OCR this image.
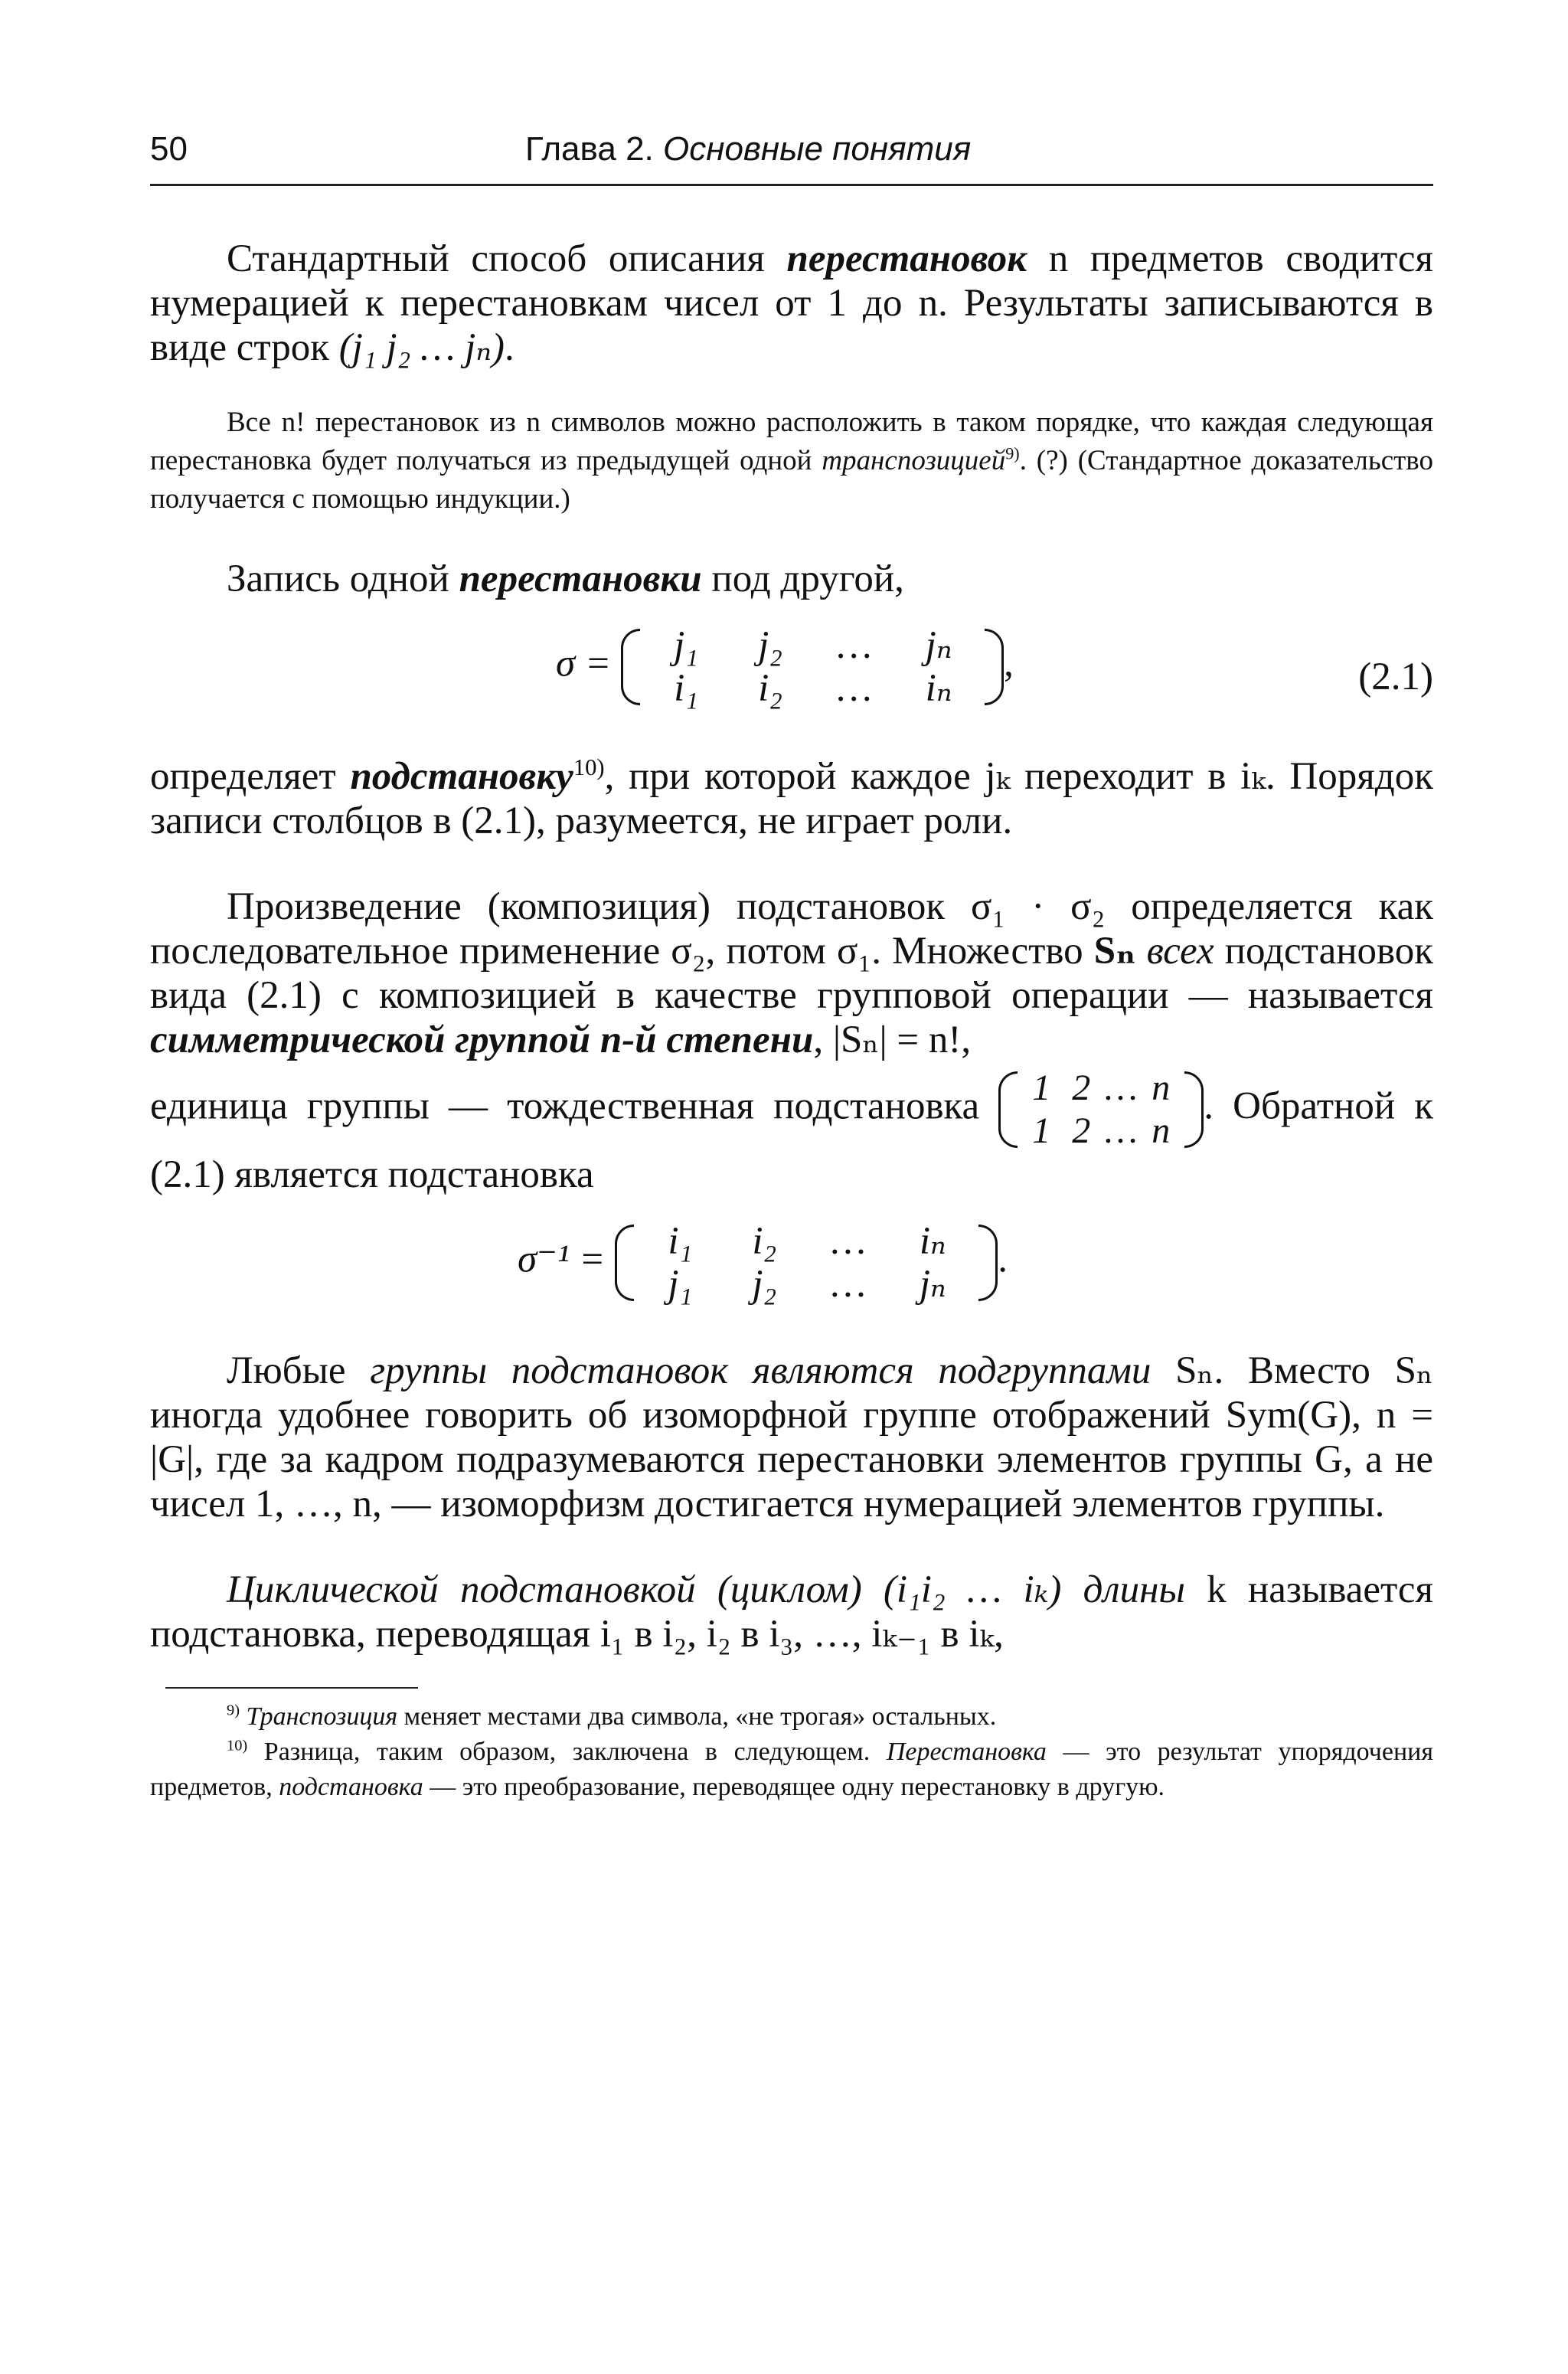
50	Глава 2. Основные понятия

Стандартный способ описания перестановок n предметов сводится нумерацией к перестановкам чисел от 1 до n. Результаты записываются в виде строк (j₁ j₂ … jₙ).

Все n! перестановок из n символов можно расположить в таком порядке, что каждая следующая перестановка будет получаться из предыдущей одной транспозицией$^{9)}$. (?) (Стандартное доказательство получается с помощью индукции.)

Запись одной перестановки под другой,

σ =	j₁ j₂ … jₙ
i₁ i₂ … iₙ
,	(2.1)

определяет подстановку$^{10)}$, при которой каждое jₖ переходит в iₖ. Порядок записи столбцов в (2.1), разумеется, не играет роли.

Произведение (композиция) подстановок σ₁ · σ₂ определяется как последовательное применение σ₂, потом σ₁. Множество Sₙ всех подстановок вида (2.1) с композицией в качестве групповой операции — называется симметрической группой n-й степени, |Sₙ| = n!,

единица группы — тождественная подстановка 1 2 … n
1 2 … n
. Обратной к (2.1) является подстановка

σ⁻¹ =	i₁ i₂ … iₙ
j₁ j₂ … jₙ
.

Любые группы подстановок являются подгруппами Sₙ. Вместо Sₙ иногда удобнее говорить об изоморфной группе отображений Sym(G), n = |G|, где за кадром подразумеваются перестановки элементов группы G, а не чисел 1, …, n, — изоморфизм достигается нумерацией элементов группы.

Циклической подстановкой (циклом) (i₁i₂ … iₖ) длины k называется подстановка, переводящая i₁ в i₂, i₂ в i₃, …, iₖ₋₁ в iₖ,

$^{9)}$ Транспозиция меняет местами два символа, «не трогая» остальных.

$^{10)}$ Разница, таким образом, заключена в следующем. Перестановка — это результат упорядочения предметов, подстановка — это преобразование, переводящее одну перестановку в другую.
